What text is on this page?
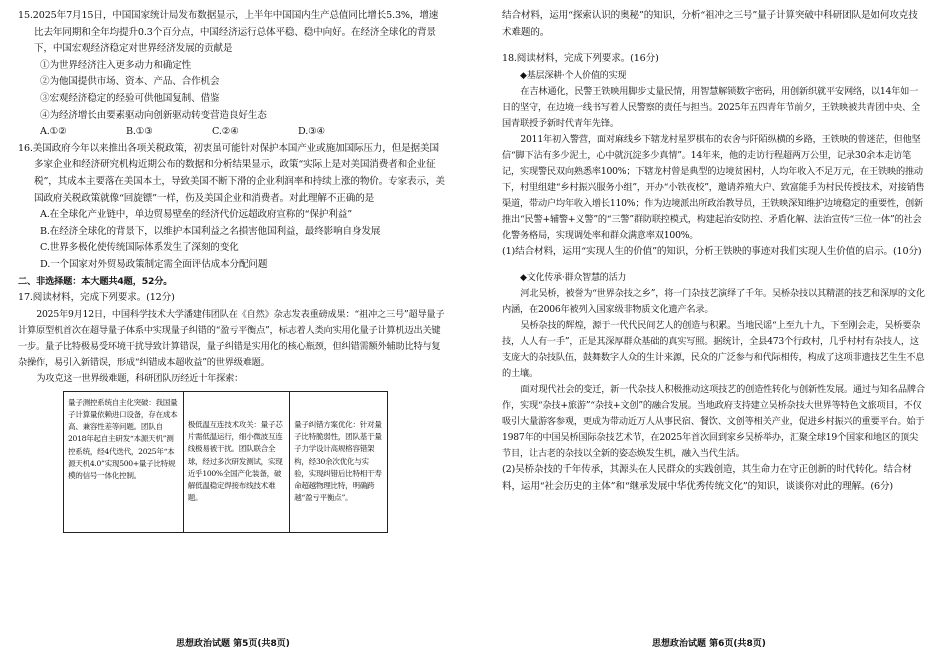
15.2025年7月15日，中国国家统计局发布数据显示，上半年中国国内生产总值同比增长5.3%，增速比去年同期和全年均提升0.3个百分点，中国经济运行总体平稳、稳中向好。在经济全球化的背景下，中国宏观经济稳定对世界经济发展的贡献是

①为世界经济注入更多动力和确定性

②为他国提供市场、资本、产品、合作机会

③宏观经济稳定的经验可供他国复制、借鉴

④为经济增长由要素驱动向创新驱动转变营造良好生态

A.①②	B.①③	C.②④	D.③④

16.美国政府今年以来推出各项关税政策，初衷虽可能针对保护本国产业或施加国际压力，但是据美国多家企业和经济研究机构近期公布的数据和分析结果显示，政策“实际上是对美国消费者和企业征税”，其成本主要落在美国本土，导致美国不断下滑的企业利润率和持续上涨的物价。专家表示，美国政府关税政策就像“回旋镖”一样，伤及美国企业和消费者。对此理解不正确的是

A.在全球化产业链中，单边贸易壁垒的经济代价远超政府宣称的“保护利益”

B.在经济全球化的背景下，以维护本国利益之名損害他国利益，最终影响自身发展

C.世界多极化使传统国际体系发生了深刻的变化

D.一个国家对外贸易政策制定需全面评估成本分配问题

二、非选择题：本大题共4题，52分。

17.阅读材料，完成下列要求。(12分)

2025年9月12日，中国科学技术大学潘建伟团队在《自然》杂志发表重磅成果：“祖冲之三号”超导量子计算原型机首次在超导量子体系中实现量子纠错的“盈亏平衡点”，标志着人类向实用化量子计算机迈出关键一步。量子比特极易受环境干扰导致计算错误，量子纠错是实用化的核心瓶颈，但纠错需额外辅助比特与复杂操作，易引入新错误，形成“纠错成本超收益”的世界级难题。

为攻克这一世界级难题，科研团队历经近十年探索：

量子测控系统自主化突破：我国量子计算量依赖进口设备，存在成本高、兼容性差等问题。团队自2018年起自主研发“本源天机”测控系统，经4代迭代，2025年“本源天机4.0”实现500+量子比特规模的信号一体化控制。	极低温互连技术攻关：量子芯片需低温运行，细小微波互连线极易被干扰。团队联合全球，经过多次研发测试，实现近乎100%全国产化装备，破解低温稳定焊接布线技术难题。	量子纠错方案优化：针对量子比特脆弱性，团队基于量子力学设计高规格容错架构，经30余次优化与实验，实现纠错后比特相干寿命超越物理比特，明确跨越“盈亏平衡点”。

结合材料，运用“探索认识的奥秘”的知识，分析“祖冲之三号”量子计算突破中科研团队是如何攻克技术难题的。

18.阅读材料，完成下列要求。(16分)

◆基层深耕·个人价值的实现

在吉林通化，民警王铁映用脚步丈量民情，用智慧解锁数字密码，用创新织就平安网络，以14年如一日的坚守，在边境一线书写着人民警察的责任与担当。2025年五四青年节前夕，王铁映被共青团中央、全国青联授予新时代青年先锋。

2011年初入警营，面对麻线乡下辖龙村星罗棋布的农舍与阡陌纵横的乡路，王铁映的曾迷茫，但他坚信“脚下沾有多少泥土，心中就沉淀多少真情”。14年来，他的走访行程超两万公里，记录30余本走访笔记，实现警民双向熟悉率100%；下辖龙村曾是典型的边境贫困村，人均年收入不足万元，在王铁映的推动下，村里组建“乡村振兴服务小组”，开办“小铁夜校”，邀请养殖大户、致富能手为村民传授技术，对接销售渠道，带动户均年收入增长110%；作为边境派出所政治教导员，王铁映深知维护边境稳定的重要性，创新推出“民警+辅警+义警”的“三警”群防联控模式，构建起治安防控、矛盾化解、法治宣传“三位一体”的社会化警务格局，实现调处率和群众满意率双100%。

(1)结合材料，运用“实现人生的价值”的知识，分析王铁映的事迹对我们实现人生价值的启示。(10分)

◆文化传承·群众智慧的活力

河北吴桥，被誉为“世界杂技之乡”，将一门杂技艺演绎了千年。吴桥杂技以其精湛的技艺和深厚的文化内涵，在2006年被列入国家级非物质文化遗产名录。

吴桥杂技的辉煌，源于一代代民间艺人的创造与积累。当地民谣“上至九十九，下至刚会走，吴桥要杂技，人人有一手”，正是其深厚群众基础的真实写照。据统计，全县473个行政村，几乎村村有杂技人，这支庞大的杂技队伍，鼓舞数字人众的生计来源，民众的广泛参与和代际相传，构成了这项非遗技艺生生不息的土壤。

面对现代社会的变迁，新一代杂技人积极推动这项技艺的创造性转化与创新性发展。通过与知名品牌合作，实现“杂技+旅游”“杂技+文创”的融合发展。当地政府支持建立吴桥杂技大世界等特色文旅项目，不仅吸引大量游客参观，更成为带动近万人从事民宿、餐饮、文创等相关产业，促进乡村振兴的重要平台。始于1987年的中国吴桥国际杂技艺术节，在2025年首次回到家乡吴桥举办，汇聚全球19个国家和地区的顶尖节目，让古老的杂技以全新的姿态焕发生机，融入当代生活。

(2)吴桥杂技的千年传承，其源头在人民群众的实践创造，其生命力在守正创新的时代转化。结合材料，运用“社会历史的主体”和“继承发展中华优秀传统文化”的知识，谈谈你对此的理解。(6分)

思想政治试题 第5页(共8页)	思想政治试题 第6页(共8页)
